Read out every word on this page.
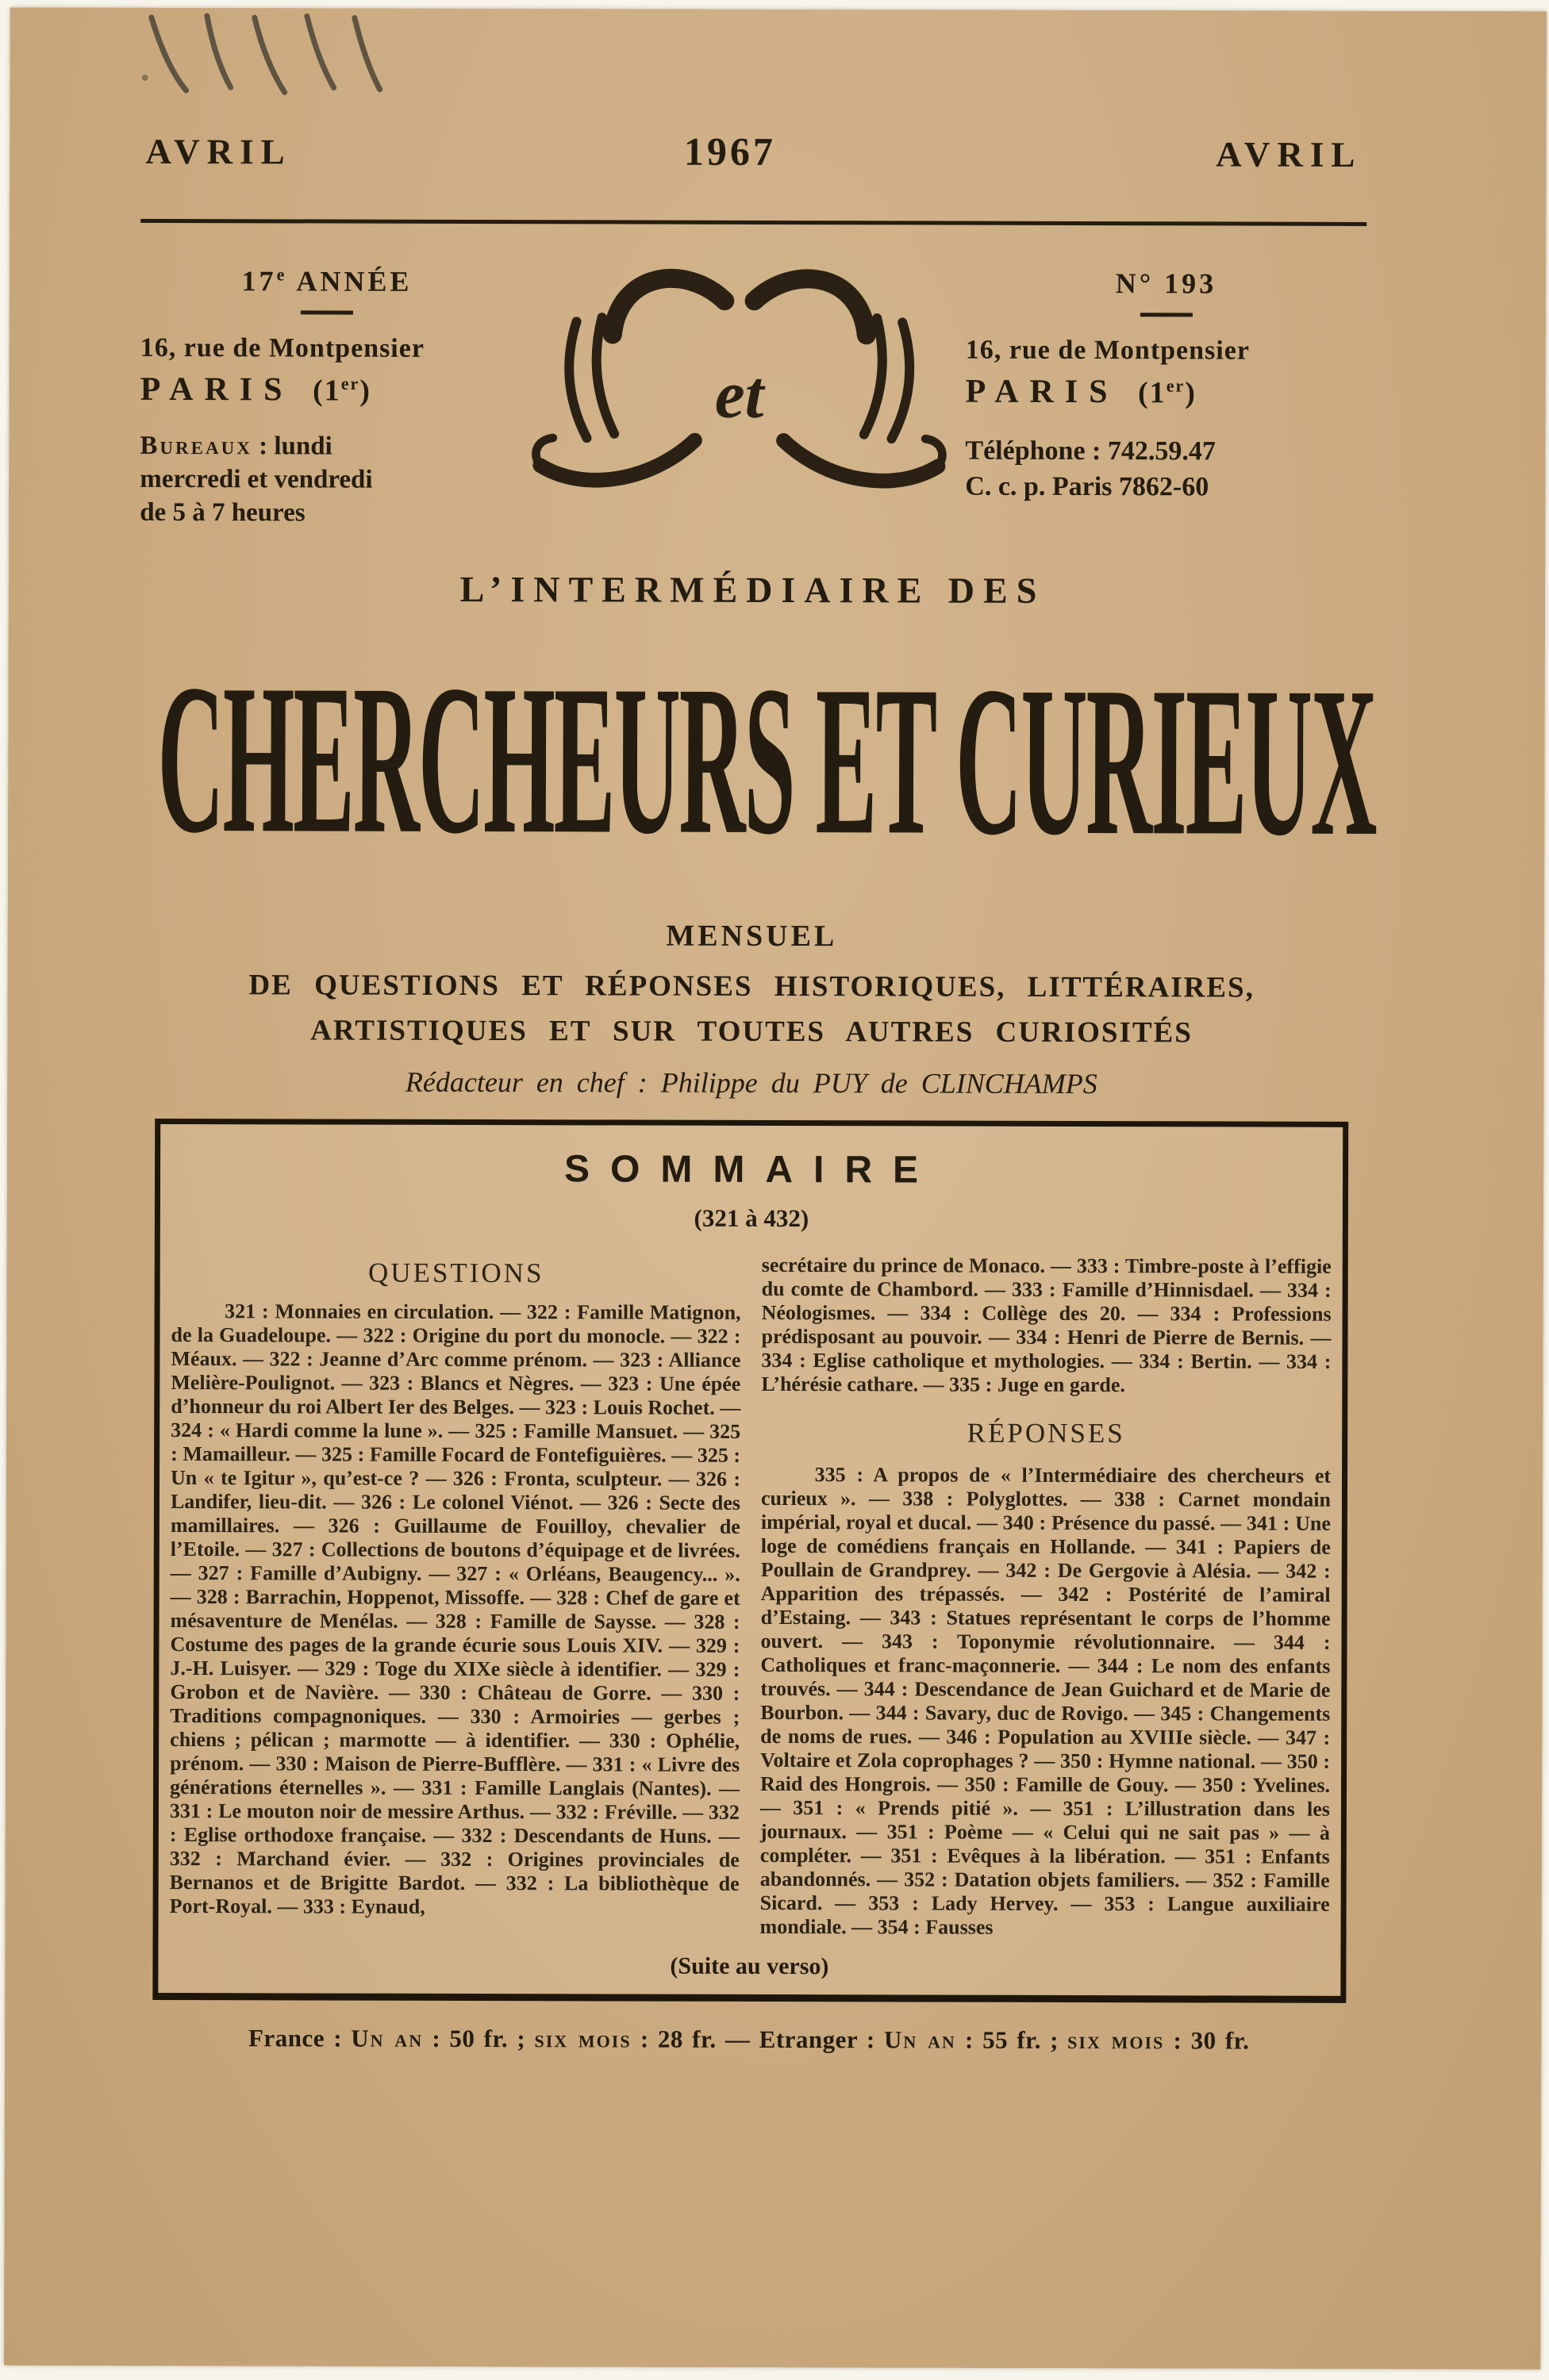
AVRIL	1967	AVRIL
17e ANNÉE
16, rue de Montpensier
PARIS (1er)
Bureaux : lundi
mercredi et vendredi
de 5 à 7 heures
et
N° 193
16, rue de Montpensier
PARIS (1er)
Téléphone : 742.59.47
C. c. p. Paris 7862-60
L’INTERMÉDIAIRE DES
CHERCHEURS ET CURIEUX
MENSUEL
DE QUESTIONS ET RÉPONSES HISTORIQUES, LITTÉRAIRES,
ARTISTIQUES ET SUR TOUTES AUTRES CURIOSITÉS
Rédacteur en chef : Philippe du PUY de CLINCHAMPS
SOMMAIRE
(321 à 432)
QUESTIONS

321 : Monnaies en circulation. — 322 : Famille Matignon, de la Guadeloupe. — 322 : Origine du port du monocle. — 322 : Méaux. — 322 : Jeanne d’Arc comme prénom. — 323 : Alliance Melière-Poulignot. — 323 : Blancs et Nègres. — 323 : Une épée d’honneur du roi Albert Ier des Belges. — 323 : Louis Rochet. — 324 : « Hardi comme la lune ». — 325 : Famille Mansuet. — 325 : Mamailleur. — 325 : Famille Focard de Fontefiguières. — 325 : Un « te Igitur », qu’est-ce ? — 326 : Fronta, sculpteur. — 326 : Landifer, lieu-dit. — 326 : Le colonel Viénot. — 326 : Secte des mamillaires. — 326 : Guillaume de Fouilloy, chevalier de l’Etoile. — 327 : Collections de boutons d’équipage et de livrées. — 327 : Famille d’Aubigny. — 327 : « Orléans, Beaugency... ». — 328 : Barrachin, Hoppenot, Missoffe. — 328 : Chef de gare et mésaventure de Menélas. — 328 : Famille de Saysse. — 328 : Costume des pages de la grande écurie sous Louis XIV. — 329 : J.-H. Luisyer. — 329 : Toge du XIXe siècle à identifier. — 329 : Grobon et de Navière. — 330 : Château de Gorre. — 330 : Traditions compagnoniques. — 330 : Armoiries — gerbes ; chiens ; pélican ; marmotte — à identifier. — 330 : Ophélie, prénom. — 330 : Maison de Pierre-Bufflère. — 331 : « Livre des générations éternelles ». — 331 : Famille Langlais (Nantes). — 331 : Le mouton noir de messire Arthus. — 332 : Fréville. — 332 : Eglise orthodoxe française. — 332 : Descendants de Huns. — 332 : Marchand évier. — 332 : Origines provinciales de Bernanos et de Brigitte Bardot. — 332 : La bibliothèque de Port-Royal. — 333 : Eynaud,

secrétaire du prince de Monaco. — 333 : Timbre-poste à l’effigie du comte de Chambord. — 333 : Famille d’Hinnisdael. — 334 : Néologismes. — 334 : Collège des 20. — 334 : Professions prédisposant au pouvoir. — 334 : Henri de Pierre de Bernis. — 334 : Eglise catholique et mythologies. — 334 : Bertin. — 334 : L’hérésie cathare. — 335 : Juge en garde.

RÉPONSES

335 : A propos de « l’Intermédiaire des chercheurs et curieux ». — 338 : Polyglottes. — 338 : Carnet mondain impérial, royal et ducal. — 340 : Présence du passé. — 341 : Une loge de comédiens français en Hollande. — 341 : Papiers de Poullain de Grandprey. — 342 : De Gergovie à Alésia. — 342 : Apparition des trépassés. — 342 : Postérité de l’amiral d’Estaing. — 343 : Statues représentant le corps de l’homme ouvert. — 343 : Toponymie révolutionnaire. — 344 : Catholiques et franc-maçonnerie. — 344 : Le nom des enfants trouvés. — 344 : Descendance de Jean Guichard et de Marie de Bourbon. — 344 : Savary, duc de Rovigo. — 345 : Changements de noms de rues. — 346 : Population au XVIIIe siècle. — 347 : Voltaire et Zola coprophages ? — 350 : Hymne national. — 350 : Raid des Hongrois. — 350 : Famille de Gouy. — 350 : Yvelines. — 351 : « Prends pitié ». — 351 : L’illustration dans les journaux. — 351 : Poème — « Celui qui ne sait pas » — à compléter. — 351 : Evêques à la libération. — 351 : Enfants abandonnés. — 352 : Datation objets familiers. — 352 : Famille Sicard. — 353 : Lady Hervey. — 353 : Langue auxiliaire mondiale. — 354 : Fausses

(Suite au verso)
France : Un an : 50 fr. ; six mois : 28 fr. — Etranger : Un an : 55 fr. ; six mois : 30 fr.
